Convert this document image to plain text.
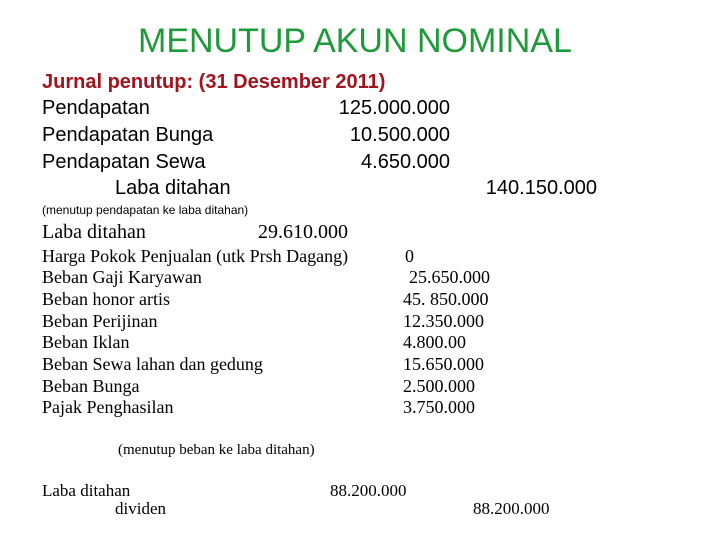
MENUTUP AKUN NOMINAL
Jurnal penutup: (31 Desember 2011)
Pendapatan	125.000.000
Pendapatan Bunga	10.500.000
Pendapatan Sewa	4.650.000
Laba ditahan	140.150.000
(menutup pendapatan ke laba ditahan)
Laba ditahan	29.610.000
Harga Pokok Penjualan (utk Prsh Dagang)	0
Beban Gaji Karyawan	25.650.000
Beban honor artis	45. 850.000
Beban Perijinan	12.350.000
Beban Iklan	4.800.00
Beban Sewa lahan dan gedung	15.650.000
Beban Bunga	2.500.000
Pajak Penghasilan	3.750.000
(menutup beban ke laba ditahan)
Laba ditahan	88.200.000
dividen	88.200.000
